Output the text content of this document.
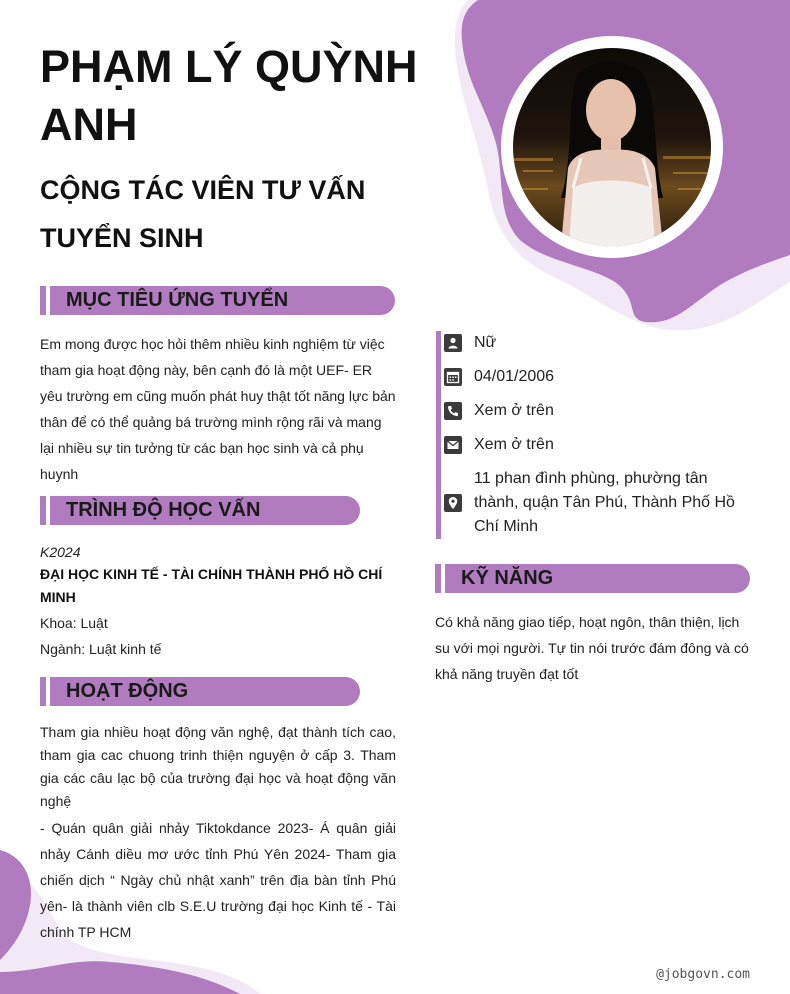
PHẠM LÝ QUỲNH ANH
CỘNG TÁC VIÊN TƯ VẤN TUYỂN SINH
MỤC TIÊU ỨNG TUYỂN

Em mong được học hỏi thêm nhiều kinh nghiệm từ việc tham gia hoạt động này, bên cạnh đó là một UEF- ER yêu trường em cũng muốn phát huy thật tốt năng lực bản thân để có thể quảng bá trường mình rộng rãi và mang lại nhiều sự tin tưởng từ các bạn học sinh và cả phụ huynh

TRÌNH ĐỘ HỌC VẤN
K2024
ĐẠI HỌC KINH TẾ - TÀI CHÍNH THÀNH PHỐ HỒ CHÍ MINH
Khoa: Luật
Ngành: Luật kinh tế
HOẠT ĐỘNG

Tham gia nhiều hoạt động văn nghệ, đạt thành tích cao, tham gia cac chuong trinh thiện nguyện ở cấp 3. Tham gia các câu lạc bộ của trường đại học và hoạt động văn nghệ

- Quán quân giải nhảy Tiktokdance 2023- Á quân giải nhảy Cánh diều mơ ước tỉnh Phú Yên 2024- Tham gia chiến dịch “ Ngày chủ nhật xanh” trên địa bàn tỉnh Phú yên- là thành viên clb S.E.U trường đại học Kinh tế - Tài chính TP HCM

Nữ
04/01/2006
Xem ở trên
Xem ở trên
11 phan đình phùng, phường tân thành, quận Tân Phú, Thành Phố Hồ Chí Minh
KỸ NĂNG

Có khả năng giao tiếp, hoạt ngôn, thân thiện, lịch su với mọi người. Tự tin nói trước đám đông và có khả năng truyền đạt tốt

@jobgovn.com
